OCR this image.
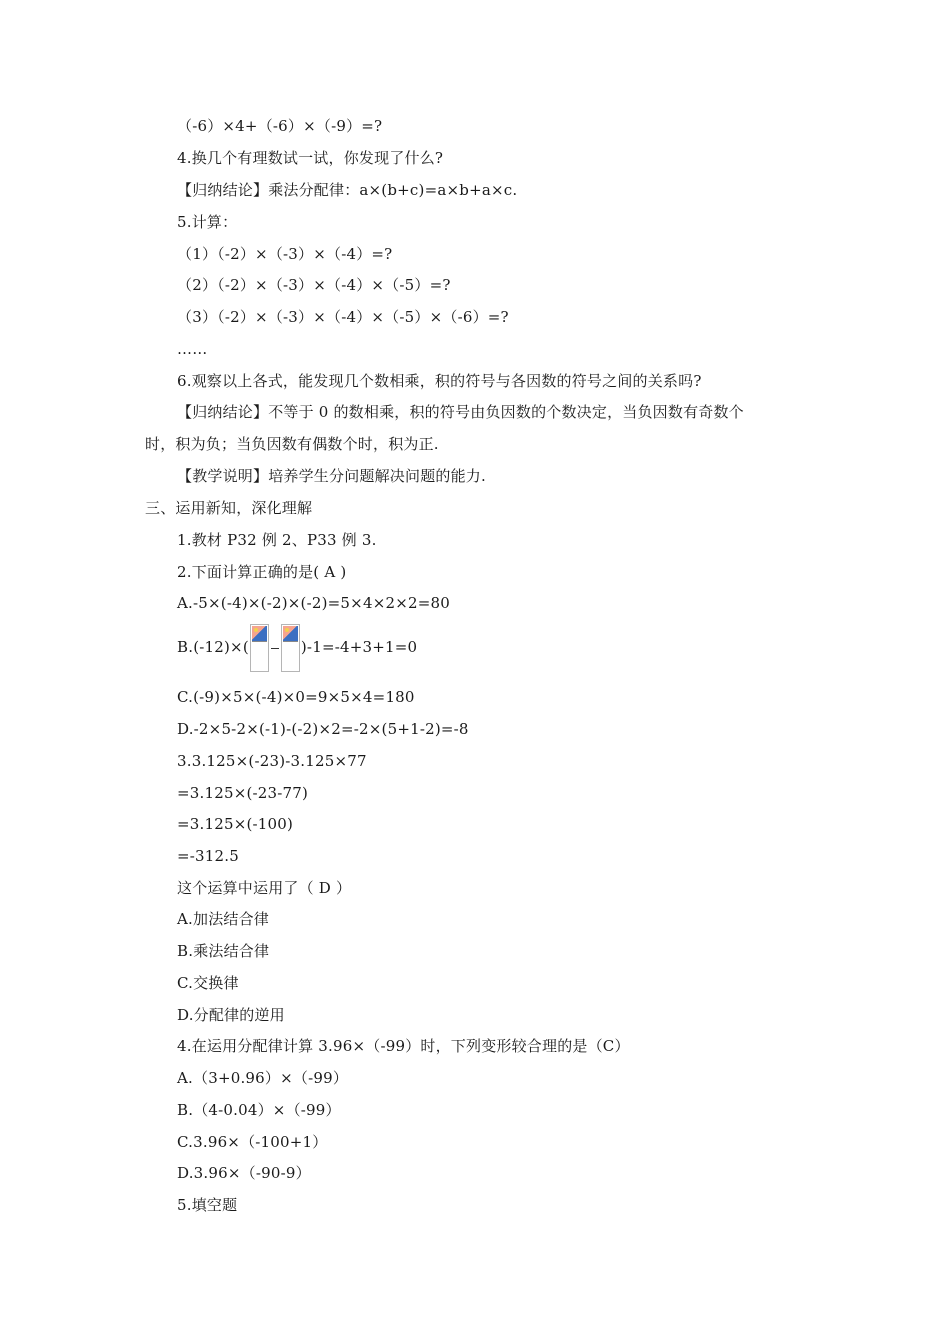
（-6）×4+（-6）×（-9）=?
4.换几个有理数试一试，你发现了什么?
【归纳结论】乘法分配律：a×(b+c)=a×b+a×c.
5.计算：
（1）（-2）×（-3）×（-4）=?
（2）（-2）×（-3）×（-4）×（-5）=?
（3）（-2）×（-3）×（-4）×（-5）×（-6）=?
……
6.观察以上各式，能发现几个数相乘，积的符号与各因数的符号之间的关系吗?
【归纳结论】不等于 0 的数相乘，积的符号由负因数的个数决定，当负因数有奇数个
时，积为负；当负因数有偶数个时，积为正.
【教学说明】培养学生分问题解决问题的能力.
三、运用新知，深化理解
1.教材 P32 例 2、P33 例 3.
2.下面计算正确的是( A )
A.-5×(-4)×(-2)×(-2)=5×4×2×2=80
B.(-12)×(	)-1=-4+3+1=0
C.(-9)×5×(-4)×0=9×5×4=180
D.-2×5-2×(-1)-(-2)×2=-2×(5+1-2)=-8
3.3.125×(-23)-3.125×77
=3.125×(-23-77)
=3.125×(-100)
=-312.5
这个运算中运用了（ D ）
A.加法结合律
B.乘法结合律
C.交换律
D.分配律的逆用
4.在运用分配律计算 3.96×（-99）时，下列变形较合理的是（C）
A.（3+0.96）×（-99）
B.（4-0.04）×（-99）
C.3.96×（-100+1）
D.3.96×（-90-9）
5.填空题
